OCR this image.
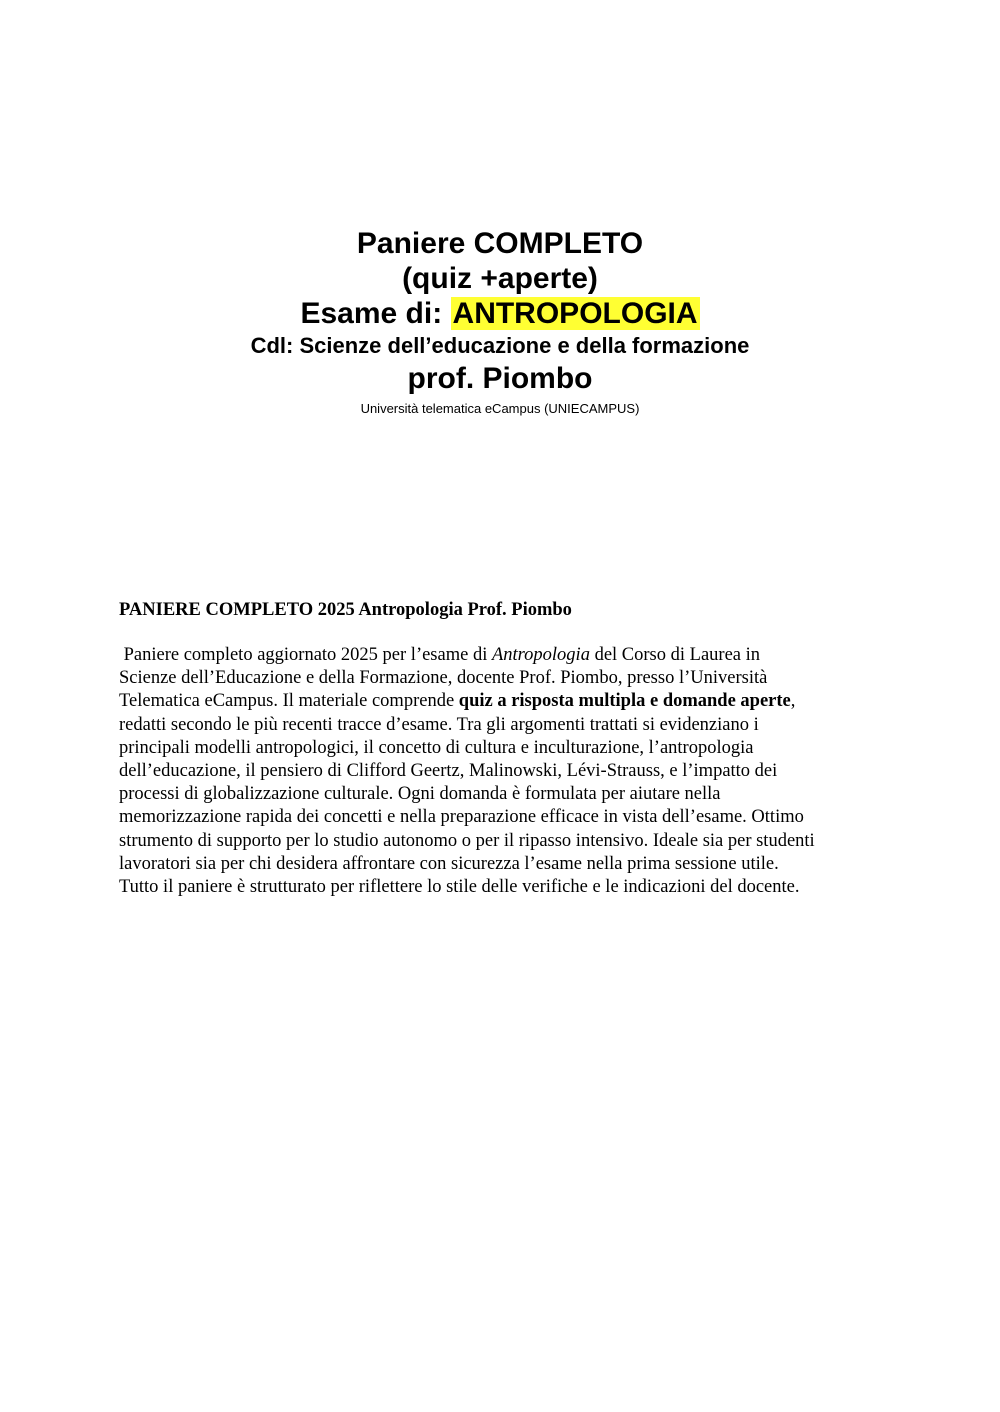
Paniere COMPLETO
(quiz +aperte)
Esame di: ANTROPOLOGIA
Cdl: Scienze dell’educazione e della formazione
prof. Piombo
Università telematica eCampus (UNIECAMPUS)

PANIERE COMPLETO 2025 Antropologia Prof. Piombo

Paniere completo aggiornato 2025 per l’esame di Antropologia del Corso di Laurea in
Scienze dell’Educazione e della Formazione, docente Prof. Piombo, presso l’Università
Telematica eCampus. Il materiale comprende quiz a risposta multipla e domande aperte,
redatti secondo le più recenti tracce d’esame. Tra gli argomenti trattati si evidenziano i
principali modelli antropologici, il concetto di cultura e inculturazione, l’antropologia
dell’educazione, il pensiero di Clifford Geertz, Malinowski, Lévi-Strauss, e l’impatto dei
processi di globalizzazione culturale. Ogni domanda è formulata per aiutare nella
memorizzazione rapida dei concetti e nella preparazione efficace in vista dell’esame. Ottimo
strumento di supporto per lo studio autonomo o per il ripasso intensivo. Ideale sia per studenti
lavoratori sia per chi desidera affrontare con sicurezza l’esame nella prima sessione utile.
Tutto il paniere è strutturato per riflettere lo stile delle verifiche e le indicazioni del docente.
